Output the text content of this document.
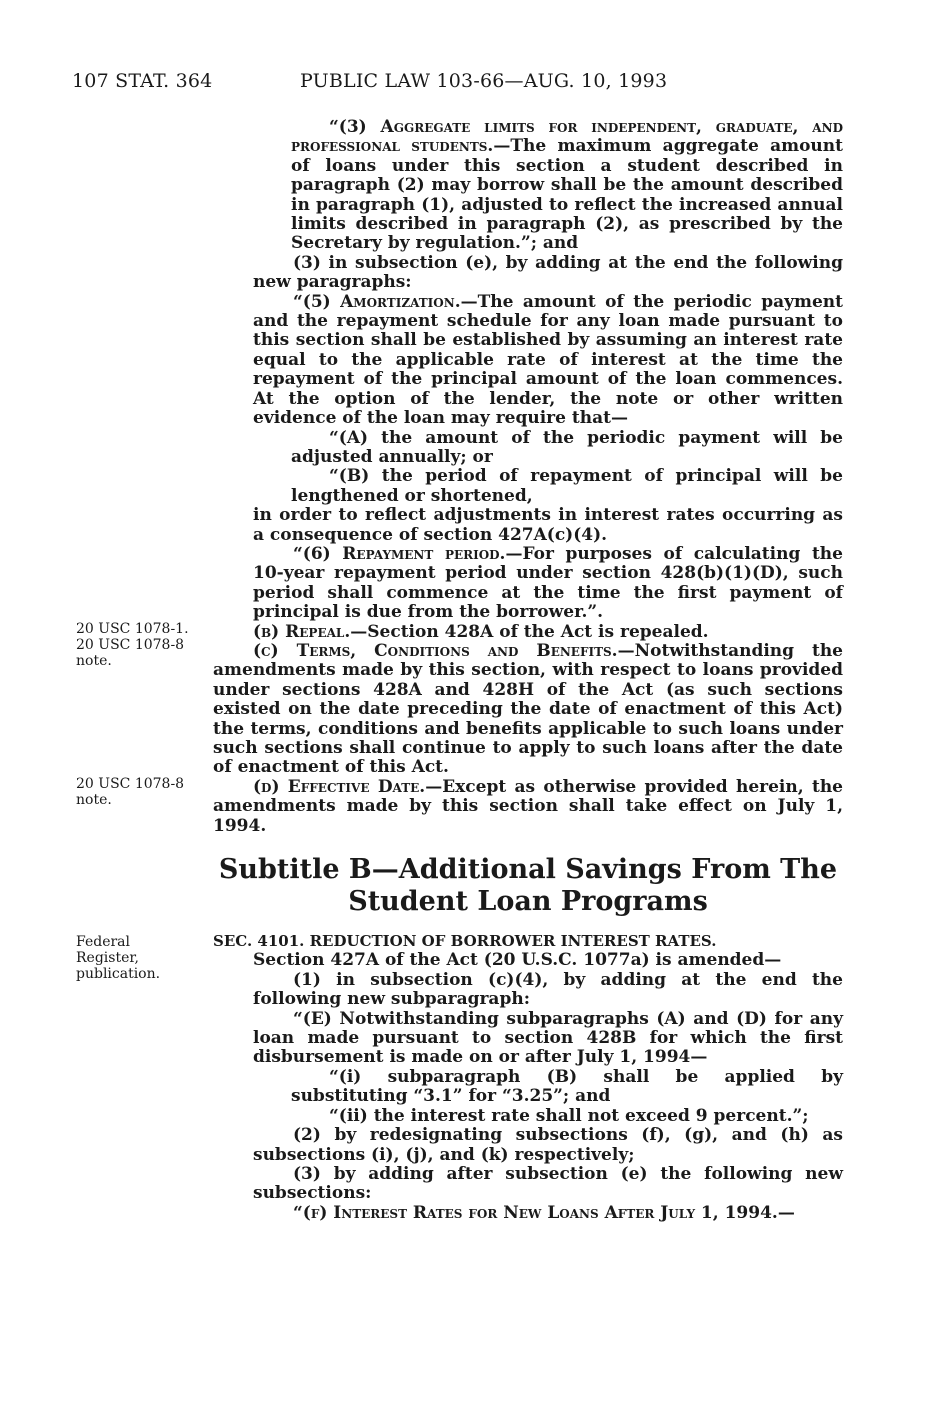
107 STAT. 364	PUBLIC LAW 103-66—AUG. 10, 1993
20 USC 1078-1.
20 USC 1078-8
note.
20 USC 1078-8
note.
Federal
Register,
publication.

“(3) Aggregate limits for independent, graduate, and professional students.—The maximum aggregate amount of loans under this section a student described in paragraph (2) may borrow shall be the amount described in paragraph (1), adjusted to reflect the increased annual limits described in paragraph (2), as prescribed by the Secretary by regulation.”; and

(3) in subsection (e), by adding at the end the following new paragraphs:

“(5) Amortization.—The amount of the periodic payment and the repayment schedule for any loan made pursuant to this section shall be established by assuming an interest rate equal to the applicable rate of interest at the time the repayment of the principal amount of the loan commences. At the option of the lender, the note or other written evidence of the loan may require that—

“(A) the amount of the periodic payment will be adjusted annually; or

“(B) the period of repayment of principal will be lengthened or shortened,

in order to reflect adjustments in interest rates occurring as a consequence of section 427A(c)(4).

“(6) Repayment period.—For purposes of calculating the 10-year repayment period under section 428(b)(1)(D), such period shall commence at the time the first payment of principal is due from the borrower.”.

(b) Repeal.—Section 428A of the Act is repealed.

(c) Terms, Conditions and Benefits.—Notwithstanding the amendments made by this section, with respect to loans provided under sections 428A and 428H of the Act (as such sections existed on the date preceding the date of enactment of this Act) the terms, conditions and benefits applicable to such loans under such sections shall continue to apply to such loans after the date of enactment of this Act.

(d) Effective Date.—Except as otherwise provided herein, the amendments made by this section shall take effect on July 1, 1994.

Subtitle B—Additional Savings From The
Student Loan Programs

SEC. 4101. REDUCTION OF BORROWER INTEREST RATES.

Section 427A of the Act (20 U.S.C. 1077a) is amended—

(1) in subsection (c)(4), by adding at the end the following new subparagraph:

“(E) Notwithstanding subparagraphs (A) and (D) for any loan made pursuant to section 428B for which the first disbursement is made on or after July 1, 1994—

“(i) subparagraph (B) shall be applied by substituting “3.1” for “3.25”; and

“(ii) the interest rate shall not exceed 9 percent.”;

(2) by redesignating subsections (f), (g), and (h) as subsections (i), (j), and (k) respectively;

(3) by adding after subsection (e) the following new subsections:

“(f) Interest Rates for New Loans After July 1, 1994.—
